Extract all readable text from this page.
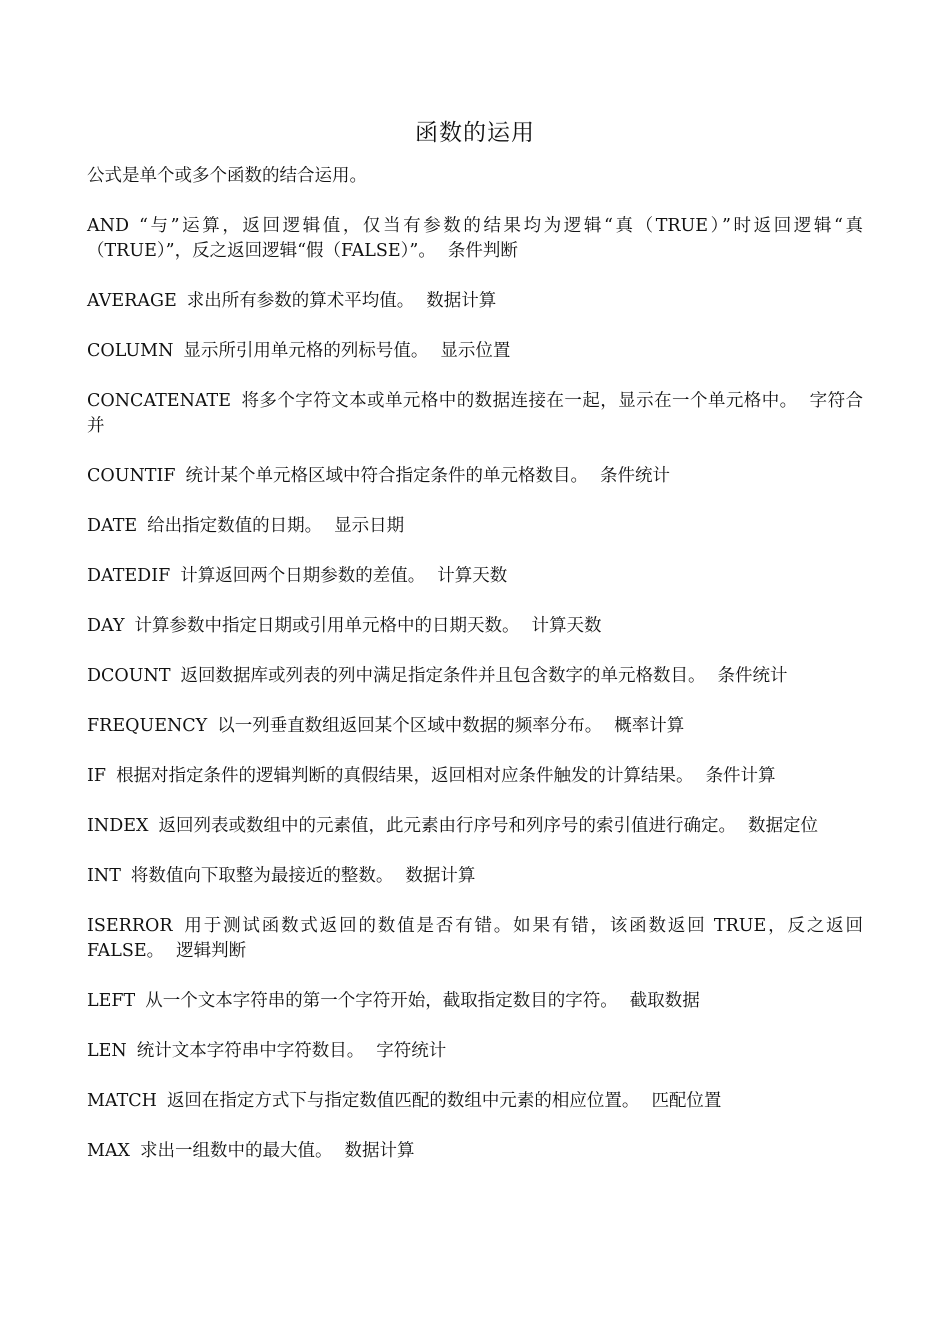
函数的运用

公式是单个或多个函数的结合运用。

AND “与”运算，返回逻辑值，仅当有参数的结果均为逻辑“真（TRUE）”时返回逻辑“真（TRUE）”，反之返回逻辑“假（FALSE）”。 条件判断

AVERAGE 求出所有参数的算术平均值。 数据计算

COLUMN 显示所引用单元格的列标号值。 显示位置

CONCATENATE 将多个字符文本或单元格中的数据连接在一起，显示在一个单元格中。 字符合并

COUNTIF 统计某个单元格区域中符合指定条件的单元格数目。 条件统计

DATE 给出指定数值的日期。 显示日期

DATEDIF 计算返回两个日期参数的差值。 计算天数

DAY 计算参数中指定日期或引用单元格中的日期天数。 计算天数

DCOUNT 返回数据库或列表的列中满足指定条件并且包含数字的单元格数目。 条件统计

FREQUENCY 以一列垂直数组返回某个区域中数据的频率分布。 概率计算

IF 根据对指定条件的逻辑判断的真假结果，返回相对应条件触发的计算结果。 条件计算

INDEX 返回列表或数组中的元素值，此元素由行序号和列序号的索引值进行确定。 数据定位

INT 将数值向下取整为最接近的整数。 数据计算

ISERROR 用于测试函数式返回的数值是否有错。如果有错，该函数返回 TRUE，反之返回FALSE。 逻辑判断

LEFT 从一个文本字符串的第一个字符开始，截取指定数目的字符。 截取数据

LEN 统计文本字符串中字符数目。 字符统计

MATCH 返回在指定方式下与指定数值匹配的数组中元素的相应位置。 匹配位置

MAX 求出一组数中的最大值。 数据计算
